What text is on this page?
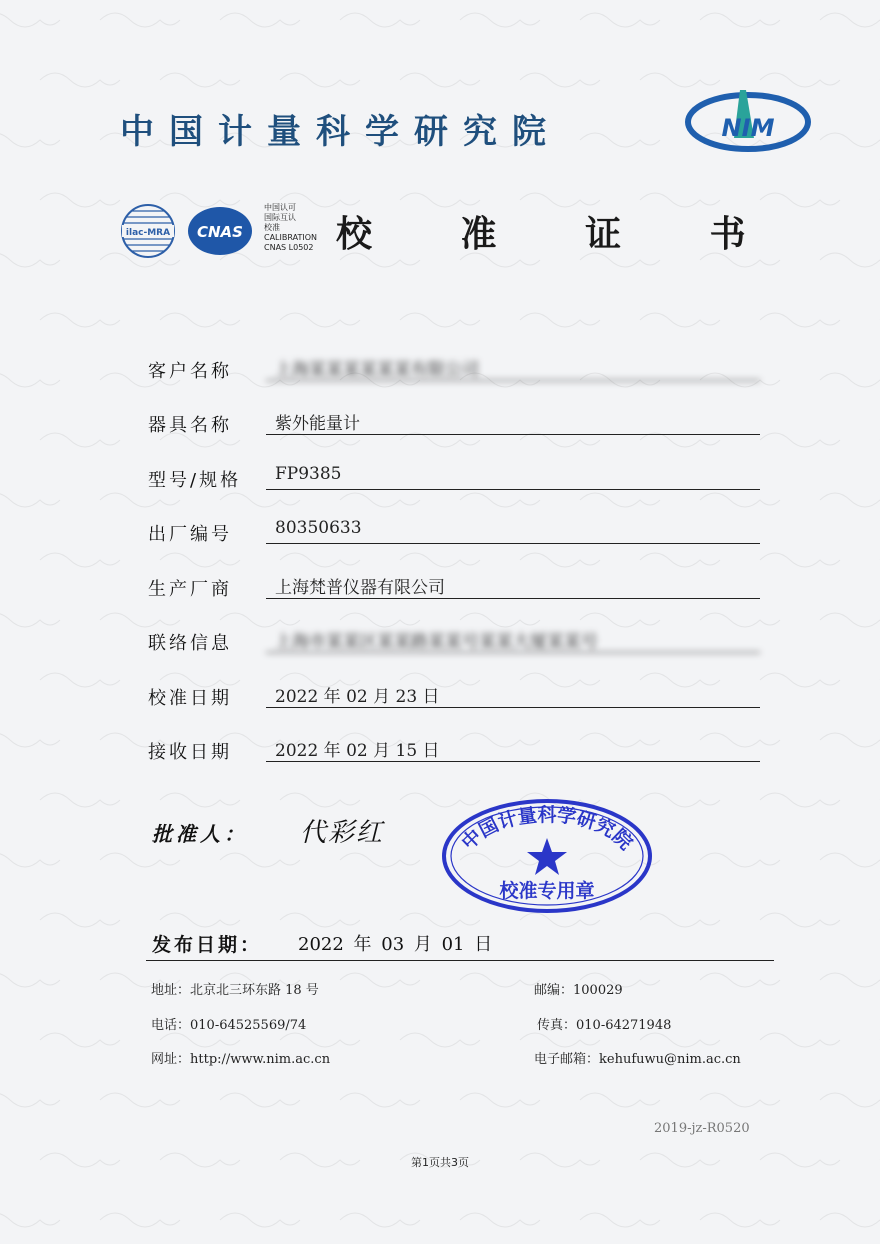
中国计量科学研究院	NIM
ilac-MRA CNAS
中国认可
国际互认
校准
CALIBRATION
CNAS L0502 校 准 证 书
客户名称	上海某某某某某某有限公司
器具名称	紫外能量计
型号/规格	FP9385
出厂编号	80350633
生产厂商	上海梵普仪器有限公司
联络信息	上海市某某区某某路某某号某某大厦某某号
校准日期	2022 年 02 月 23 日
接收日期	2022 年 02 月 15 日
批准人： 代彩红	中国计量科学研究院
校准专用章
发布日期： 2022 年 03 月 01 日
地址：北京北三环东路 18 号	邮编：100029
电话：010-64525569/74	传真：010-64271948
网址：http://www.nim.ac.cn	电子邮箱：kehufuwu@nim.ac.cn
2019-jz-R0520
第1页共3页
